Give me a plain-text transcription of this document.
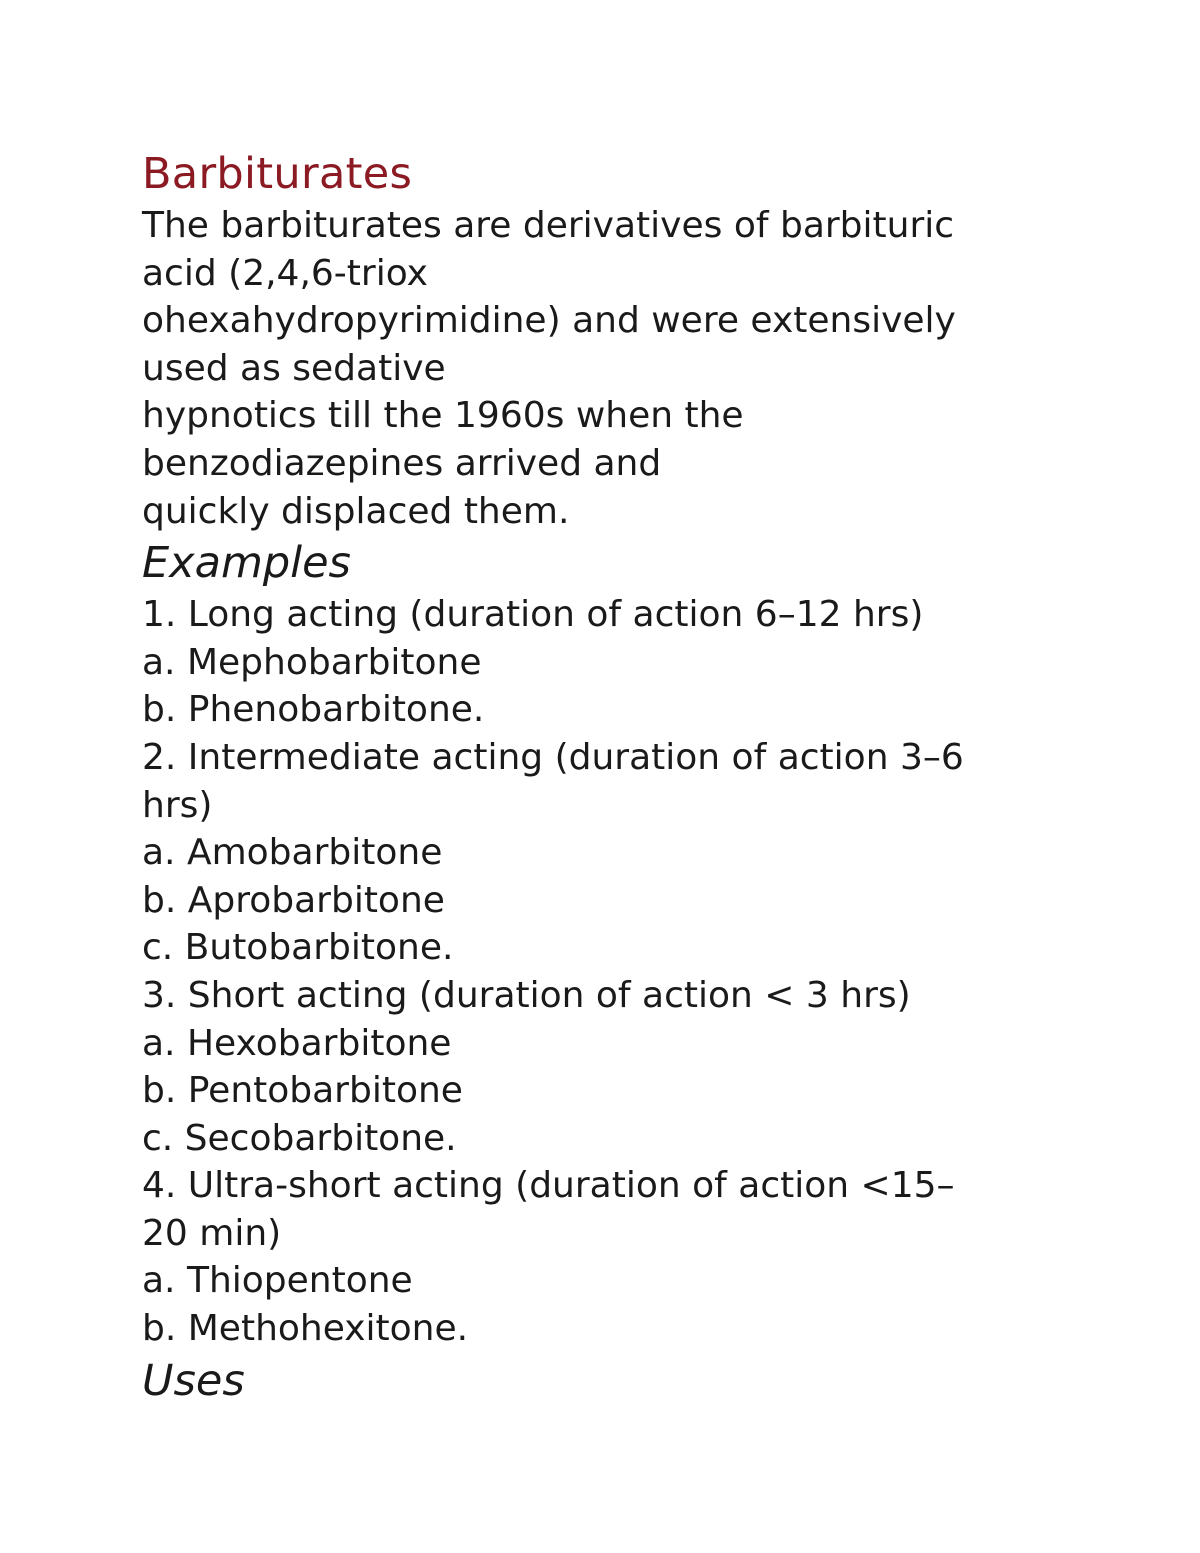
Barbiturates

The barbiturates are derivatives of barbituric

acid (2,4,6-triox

ohexahydropyrimidine) and were extensively

used as sedative

hypnotics till the 1960s when the

benzodiazepines arrived and

quickly displaced them.

Examples

1. Long acting (duration of action 6–12 hrs)

a. Mephobarbitone

b. Phenobarbitone.

2. Intermediate acting (duration of action 3–6

hrs)

a. Amobarbitone

b. Aprobarbitone

c. Butobarbitone.

3. Short acting (duration of action < 3 hrs)

a. Hexobarbitone

b. Pentobarbitone

c. Secobarbitone.

4. Ultra-short acting (duration of action <15–

20 min)

a. Thiopentone

b. Methohexitone.

Uses
